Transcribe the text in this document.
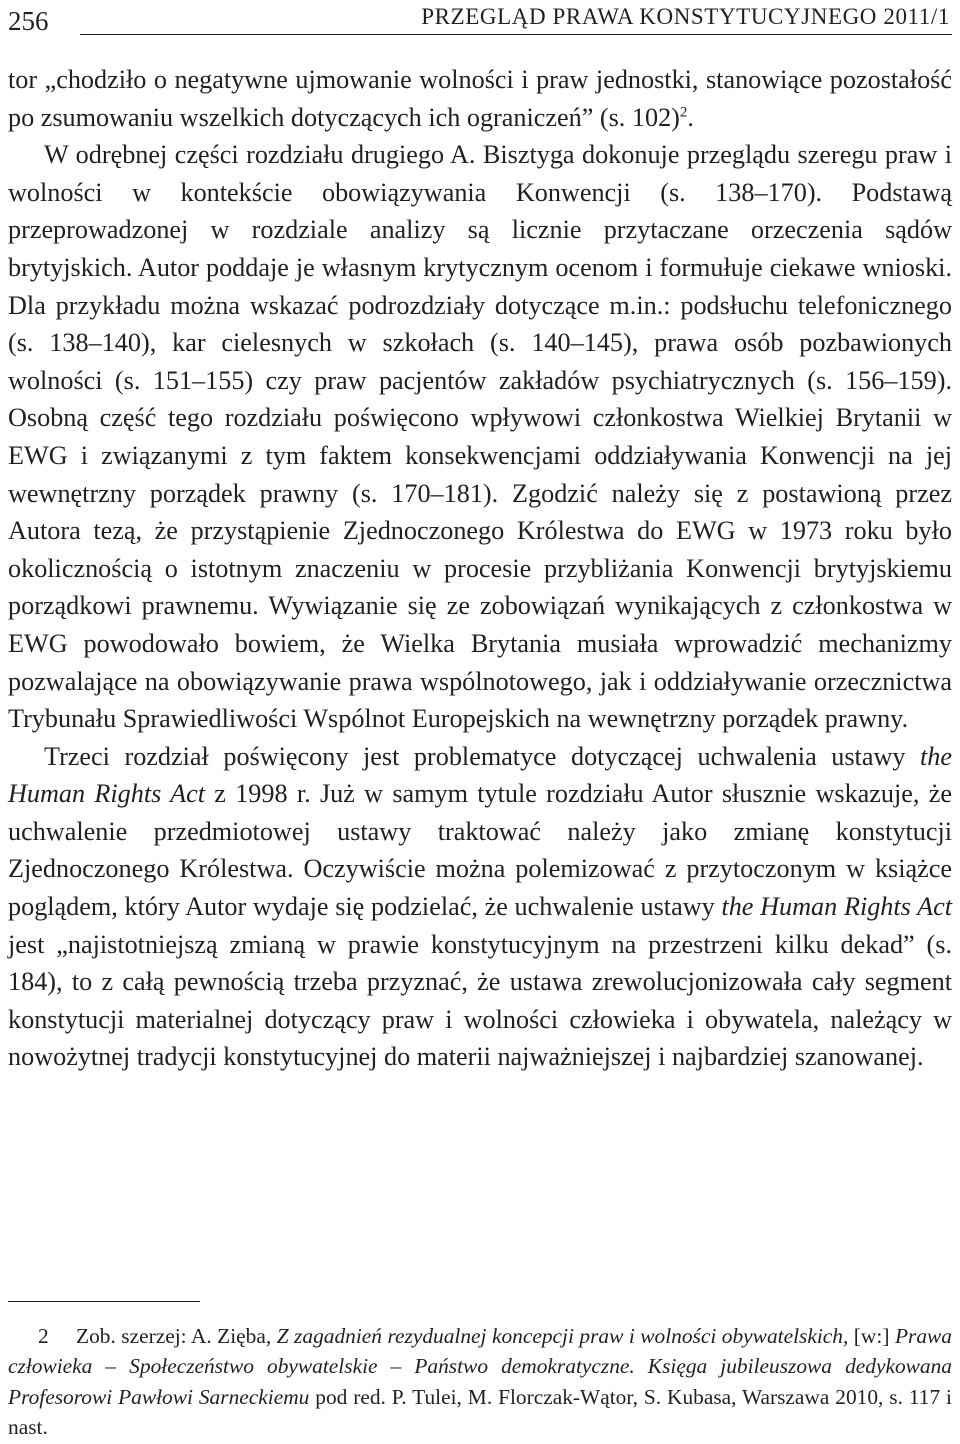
256	PRZEGLĄD PRAWA KONSTYTUCYJNEGO 2011/1

tor „chodziło o negatywne ujmowanie wolności i praw jednostki, stanowiące pozostałość po zsumowaniu wszelkich dotyczących ich ograniczeń” (s. 102)$^2$.

W odrębnej części rozdziału drugiego A. Bisztyga dokonuje przeglądu szeregu praw i wolności w kontekście obowiązywania Konwencji (s. 138–170). Podstawą przeprowadzonej w rozdziale analizy są licznie przytaczane orzeczenia sądów brytyjskich. Autor poddaje je własnym krytycznym ocenom i formułuje ciekawe wnioski. Dla przykładu można wskazać podrozdziały dotyczące m.in.: podsłuchu telefonicznego (s. 138–140), kar cielesnych w szkołach (s. 140–145), prawa osób pozbawionych wolności (s. 151–155) czy praw pacjentów zakładów psychiatrycznych (s. 156–159). Osobną część tego rozdziału poświęcono wpływowi członkostwa Wielkiej Brytanii w EWG i związanymi z tym faktem konsekwencjami oddziaływania Konwencji na jej wewnętrzny porządek prawny (s. 170–181). Zgodzić należy się z postawioną przez Autora tezą, że przystąpienie Zjednoczonego Królestwa do EWG w 1973 roku było okolicznością o istotnym znaczeniu w procesie przybliżania Konwencji brytyjskiemu porządkowi prawnemu. Wywiązanie się ze zobowiązań wynikających z członkostwa w EWG powodowało bowiem, że Wielka Brytania musiała wprowadzić mechanizmy pozwalające na obowiązywanie prawa wspólnotowego, jak i oddziaływanie orzecznictwa Trybunału Sprawiedliwości Wspólnot Europejskich na wewnętrzny porządek prawny.

Trzeci rozdział poświęcony jest problematyce dotyczącej uchwalenia ustawy the Human Rights Act z 1998 r. Już w samym tytule rozdziału Autor słusznie wskazuje, że uchwalenie przedmiotowej ustawy traktować należy jako zmianę konstytucji Zjednoczonego Królestwa. Oczywiście można polemizować z przytoczonym w książce poglądem, który Autor wydaje się podzielać, że uchwalenie ustawy the Human Rights Act jest „najistotniejszą zmianą w prawie konstytucyjnym na przestrzeni kilku dekad” (s. 184), to z całą pewnością trzeba przyznać, że ustawa zrewolucjonizowała cały segment konstytucji materialnej dotyczący praw i wolności człowieka i obywatela, należący w nowożytnej tradycji konstytucyjnej do materii najważniejszej i najbardziej szanowanej.

2 Zob. szerzej: A. Zięba, Z zagadnień rezydualnej koncepcji praw i wolności obywatelskich, [w:] Prawa człowieka – Społeczeństwo obywatelskie – Państwo demokratyczne. Księga jubileuszowa dedykowana Profesorowi Pawłowi Sarneckiemu pod red. P. Tulei, M. Florczak-Wątor, S. Kubasa, Warszawa 2010, s. 117 i nast.
